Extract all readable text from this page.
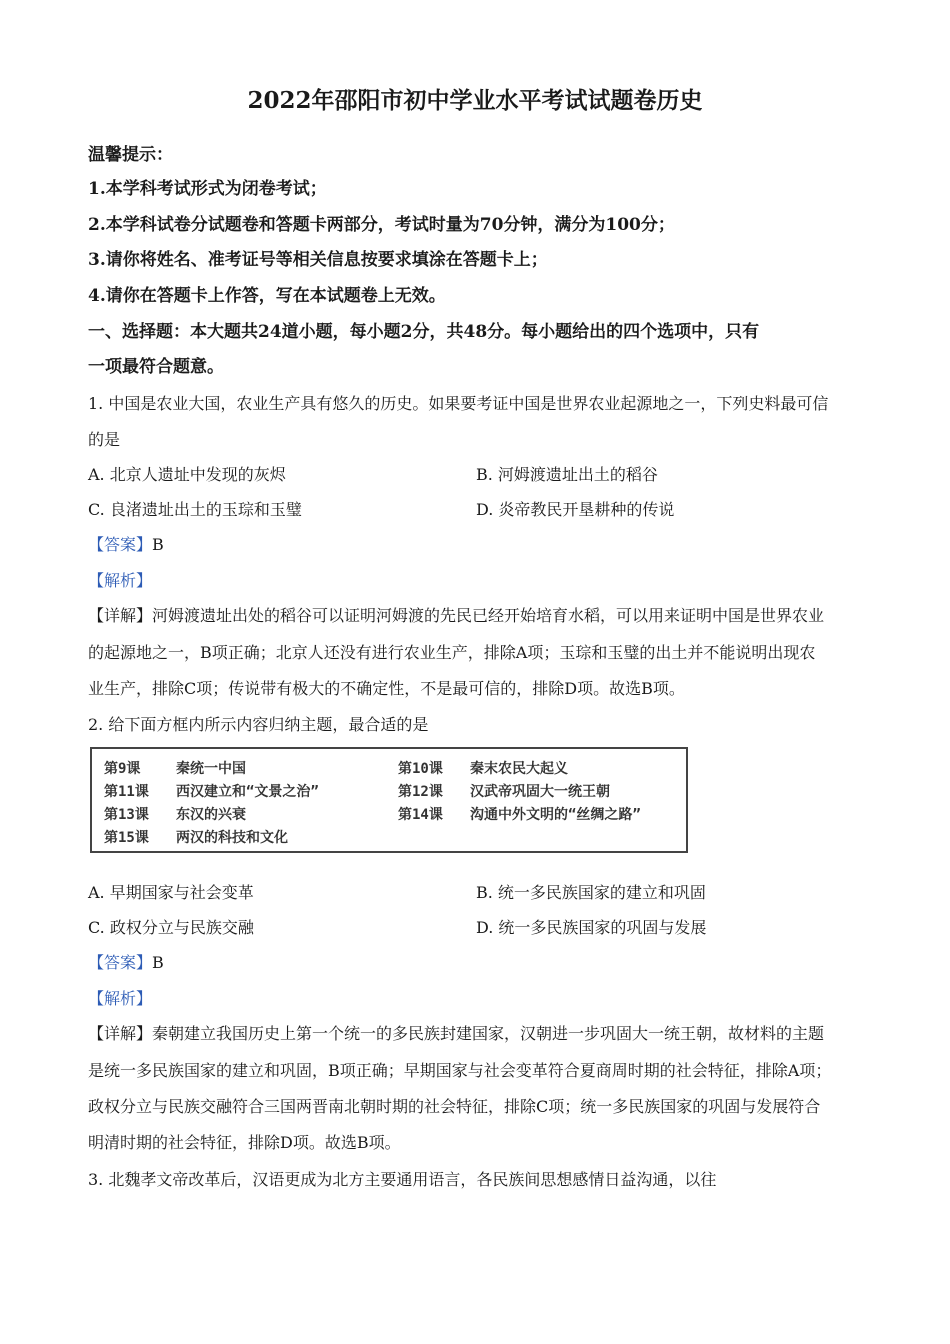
2022年邵阳市初中学业水平考试试题卷历史
温馨提示：
1.本学科考试形式为闭卷考试；
2.本学科试卷分试题卷和答题卡两部分，考试时量为70分钟，满分为100分；
3.请你将姓名、准考证号等相关信息按要求填涂在答题卡上；
4.请你在答题卡上作答，写在本试题卷上无效。
一、选择题：本大题共24道小题，每小题2分，共48分。每小题给出的四个选项中，只有
一项最符合题意。
1. 中国是农业大国，农业生产具有悠久的历史。如果要考证中国是世界农业起源地之一，下列史料最可信
的是
A. 北京人遗址中发现的灰烬	B. 河姆渡遗址出土的稻谷
C. 良渚遗址出土的玉琮和玉璧	D. 炎帝教民开垦耕种的传说
【答案】B
【解析】
【详解】河姆渡遗址出处的稻谷可以证明河姆渡的先民已经开始培育水稻，可以用来证明中国是世界农业
的起源地之一，B项正确；北京人还没有进行农业生产，排除A项；玉琮和玉璧的出土并不能说明出现农
业生产，排除C项；传说带有极大的不确定性，不是最可信的，排除D项。故选B项。
2. 给下面方框内所示内容归纳主题，最合适的是
第9课	秦统一中国	第10课 秦末农民大起义
第11课 西汉建立和“文景之治”	第12课 汉武帝巩固大一统王朝
第13课 东汉的兴衰	第14课 沟通中外文明的“丝绸之路”
第15课 两汉的科技和文化
A. 早期国家与社会变革	B. 统一多民族国家的建立和巩固
C. 政权分立与民族交融	D. 统一多民族国家的巩固与发展
【答案】B
【解析】
【详解】秦朝建立我国历史上第一个统一的多民族封建国家，汉朝进一步巩固大一统王朝，故材料的主题
是统一多民族国家的建立和巩固，B项正确；早期国家与社会变革符合夏商周时期的社会特征，排除A项；
政权分立与民族交融符合三国两晋南北朝时期的社会特征，排除C项；统一多民族国家的巩固与发展符合
明清时期的社会特征，排除D项。故选B项。
3. 北魏孝文帝改革后，汉语更成为北方主要通用语言，各民族间思想感情日益沟通，以往
